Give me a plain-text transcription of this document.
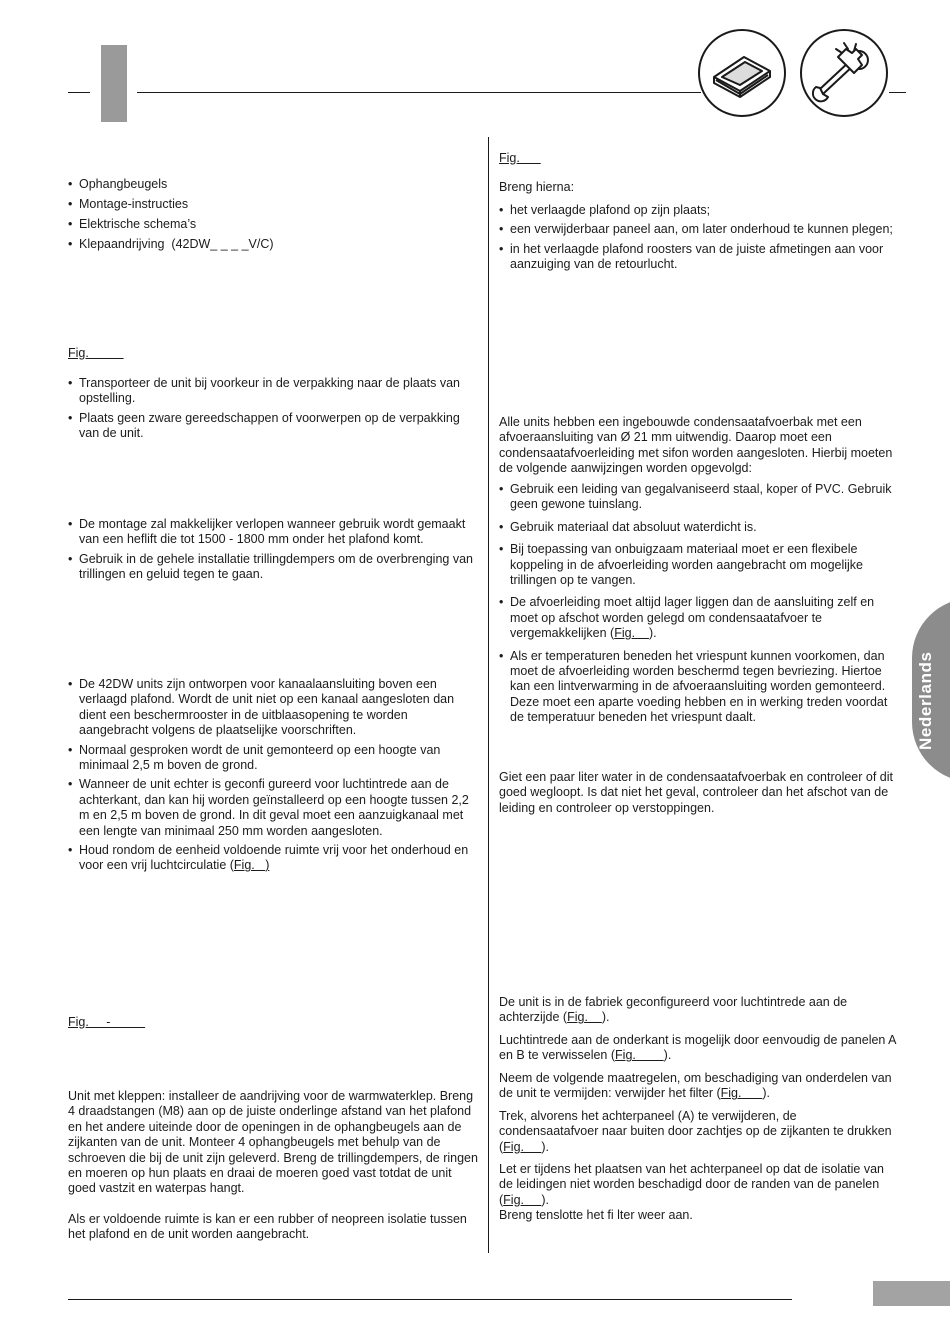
Nederlands
• Ophangbeugels
• Montage-instructies
• Elektrische schema’s
• Klepaandrijving  (42DW_ _ _ _V/C)
Fig.
• Transporteer de unit bij voorkeur in de verpakking naar de plaats van opstelling.
• Plaats geen zware gereedschappen of voorwerpen op de verpakking van de unit.
• De montage zal makkelijker verlopen wanneer gebruik wordt gemaakt van een heflift die tot 1500 - 1800 mm onder het plafond komt.
• Gebruik in de gehele installatie trillingdempers om de overbrenging van trillingen en geluid tegen te gaan.
• De 42DW units zijn ontworpen voor kanaalaansluiting boven een verlaagd plafond. Wordt de unit niet op een kanaal aangesloten dan dient een beschermrooster in de uitblaasopening te worden aangebracht volgens de plaatselijke voorschriften.
• Normaal gesproken wordt de unit gemonteerd op een hoogte van minimaal 2,5 m boven de grond.
• Wanneer de unit echter is geconfi gureerd voor luchtintrede aan de achterkant, dan kan hij worden geïnstalleerd op een hoogte tussen 2,2 m en 2,5 m boven de grond. In dit geval moet een aanzuigkanaal met een lengte van minimaal 250 mm worden aangesloten.
• Houd rondom de eenheid voldoende ruimte vrij voor het onderhoud en voor een vrij luchtcirculatie (Fig.   )
Fig.     -
Unit met kleppen: installeer de aandrijving voor de warmwaterklep. Breng 4 draadstangen (M8) aan op de juiste onderlinge afstand van het plafond en het andere uiteinde door de openingen in de ophangbeugels aan de zijkanten van de unit. Monteer 4 ophangbeugels met behulp van de schroeven die bij de unit zijn geleverd. Breng de trillingdempers, de ringen en moeren op hun plaats en draai de moeren goed vast totdat de unit goed vastzit en waterpas hangt.
Als er voldoende ruimte is kan er een rubber of neopreen isolatie tussen het plafond en de unit worden aangebracht.
Fig.
Breng hierna:
• het verlaagde plafond op zijn plaats;
• een verwijderbaar paneel aan, om later onderhoud te kunnen plegen;
• in het verlaagde plafond roosters van de juiste afmetingen aan voor aanzuiging van de retourlucht.
Alle units hebben een ingebouwde condensaatafvoerbak met een afvoeraansluiting van Ø 21 mm uitwendig. Daarop moet een condensaatafvoerleiding met sifon worden aangesloten. Hierbij moeten de volgende aanwijzingen worden opgevolgd:
• Gebruik een leiding van gegalvaniseerd staal, koper of PVC. Gebruik geen gewone tuinslang.
• Gebruik materiaal dat absoluut waterdicht is.
• Bij toepassing van onbuigzaam materiaal moet er een flexibele koppeling in de afvoerleiding worden aangebracht om mogelijke trillingen op te vangen.
• De afvoerleiding moet altijd lager liggen dan de aansluiting zelf en moet op afschot worden gelegd om condensaatafvoer te vergemakkelijken (Fig.    ).
• Als er temperaturen beneden het vriespunt kunnen voorkomen, dan moet de afvoerleiding worden beschermd tegen bevriezing. Hiertoe kan een lintverwarming in de afvoeraansluiting worden gemonteerd. Deze moet een aparte voeding hebben en in werking treden voordat de temperatuur beneden het vriespunt daalt.
Giet een paar liter water in de condensaatafvoerbak en controleer of dit goed wegloopt. Is dat niet het geval, controleer dan het afschot van de leiding en controleer op verstoppingen.
De unit is in de fabriek geconfigureerd voor luchtintrede aan de achterzijde (Fig.    ).
Luchtintrede aan de onderkant is mogelijk door eenvoudig de panelen A en B te verwisselen (Fig.        ).
Neem de volgende maatregelen, om beschadiging van onderdelen van de unit te vermijden: verwijder het filter (Fig.      ).
Trek, alvorens het achterpaneel (A) te verwijderen, de condensaatafvoer naar buiten door zachtjes op de zijkanten te drukken (Fig.     ).
Let er tijdens het plaatsen van het achterpaneel op dat de isolatie van de leidingen niet worden beschadigd door de randen van de panelen (Fig.     ).
Breng tenslotte het fi lter weer aan.
